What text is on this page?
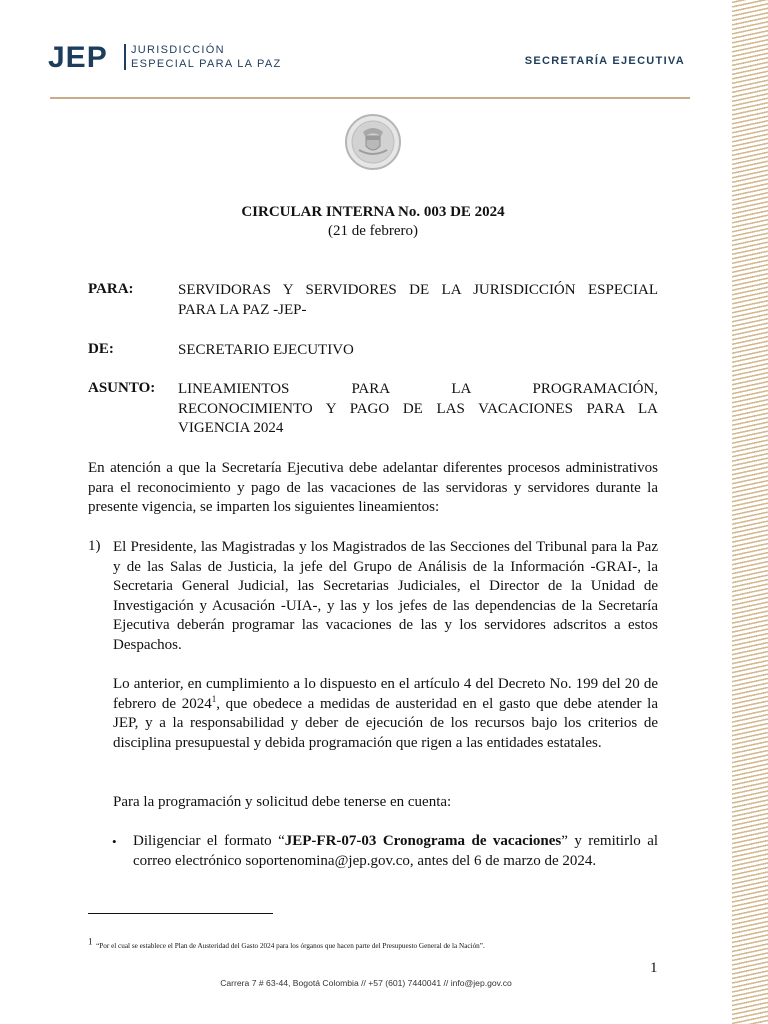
JEP JURISDICCIÓN
ESPECIAL PARA LA PAZ	SECRETARÍA EJECUTIVA
CIRCULAR INTERNA No. 003 DE 2024
(21 de febrero)
PARA:	SERVIDORAS Y SERVIDORES DE LA JURISDICCIÓN ESPECIAL
PARA LA PAZ -JEP-
DE:	SECRETARIO EJECUTIVO
ASUNTO: LINEAMIENTOS PARA LA PROGRAMACIÓN,
RECONOCIMIENTO Y PAGO DE LAS VACACIONES PARA LA
VIGENCIA 2024
En atención a que la Secretaría Ejecutiva debe adelantar diferentes procesos administrativos para el reconocimiento y pago de las vacaciones de las servidoras y servidores durante la presente vigencia, se imparten los siguientes lineamientos:
1) El Presidente, las Magistradas y los Magistrados de las Secciones del Tribunal para la Paz y de las Salas de Justicia, la jefe del Grupo de Análisis de la Información -GRAI-, la Secretaria General Judicial, las Secretarias Judiciales, el Director de la Unidad de Investigación y Acusación -UIA-, y las y los jefes de las dependencias de la Secretaría Ejecutiva deberán programar las vacaciones de las y los servidores adscritos a estos Despachos.
Lo anterior, en cumplimiento a lo dispuesto en el artículo 4 del Decreto No. 199 del 20 de febrero de 2024$^1$, que obedece a medidas de austeridad en el gasto que debe atender la JEP, y a la responsabilidad y deber de ejecución de los recursos bajo los criterios de disciplina presupuestal y debida programación que rigen a las entidades estatales.
Para la programación y solicitud debe tenerse en cuenta:
• Diligenciar el formato “JEP-FR-07-03 Cronograma de vacaciones” y remitirlo al correo electrónico soportenomina@jep.gov.co, antes del 6 de marzo de 2024.
$^1$ “Por el cual se establece el Plan de Austeridad del Gasto 2024 para los órganos que hacen parte del Presupuesto General de la Nación”.
1
Carrera 7 # 63-44, Bogotá Colombia // +57 (601) 7440041 // info@jep.gov.co
